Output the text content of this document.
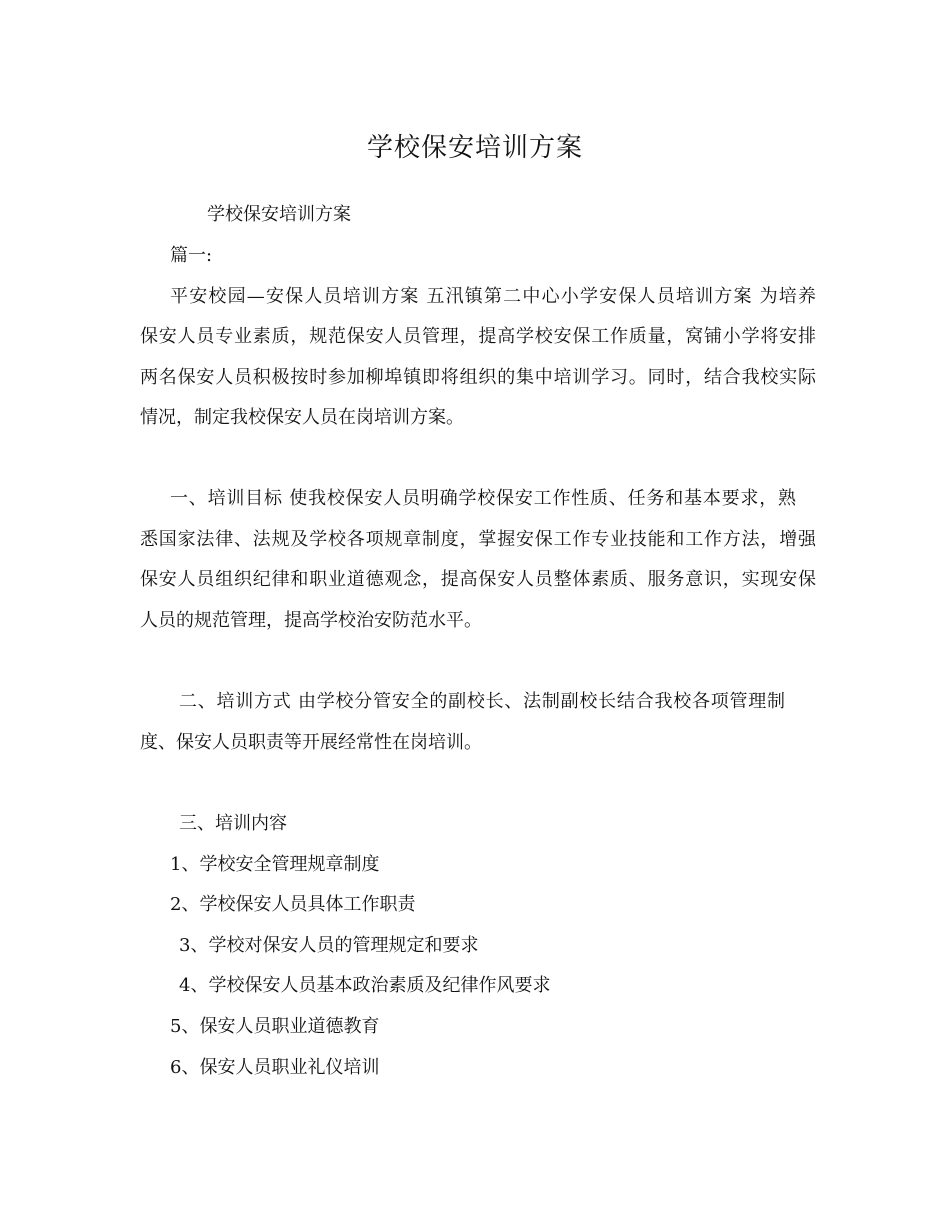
学校保安培训方案
学校保安培训方案
篇一:
平安校园—安保人员培训方案 五汛镇第二中心小学安保人员培训方案 为培养
保安人员专业素质，规范保安人员管理，提高学校安保工作质量，窝铺小学将安排
两名保安人员积极按时参加柳埠镇即将组织的集中培训学习。同时，结合我校实际
情况，制定我校保安人员在岗培训方案。
一、培训目标 使我校保安人员明确学校保安工作性质、任务和基本要求，熟
悉国家法律、法规及学校各项规章制度，掌握安保工作专业技能和工作方法，增强
保安人员组织纪律和职业道德观念，提高保安人员整体素质、服务意识，实现安保
人员的规范管理，提高学校治安防范水平。
二、培训方式 由学校分管安全的副校长、法制副校长结合我校各项管理制
度、保安人员职责等开展经常性在岗培训。
三、培训内容
1、学校安全管理规章制度
2、学校保安人员具体工作职责
3、学校对保安人员的管理规定和要求
4、学校保安人员基本政治素质及纪律作风要求
5、保安人员职业道德教育
6、保安人员职业礼仪培训
